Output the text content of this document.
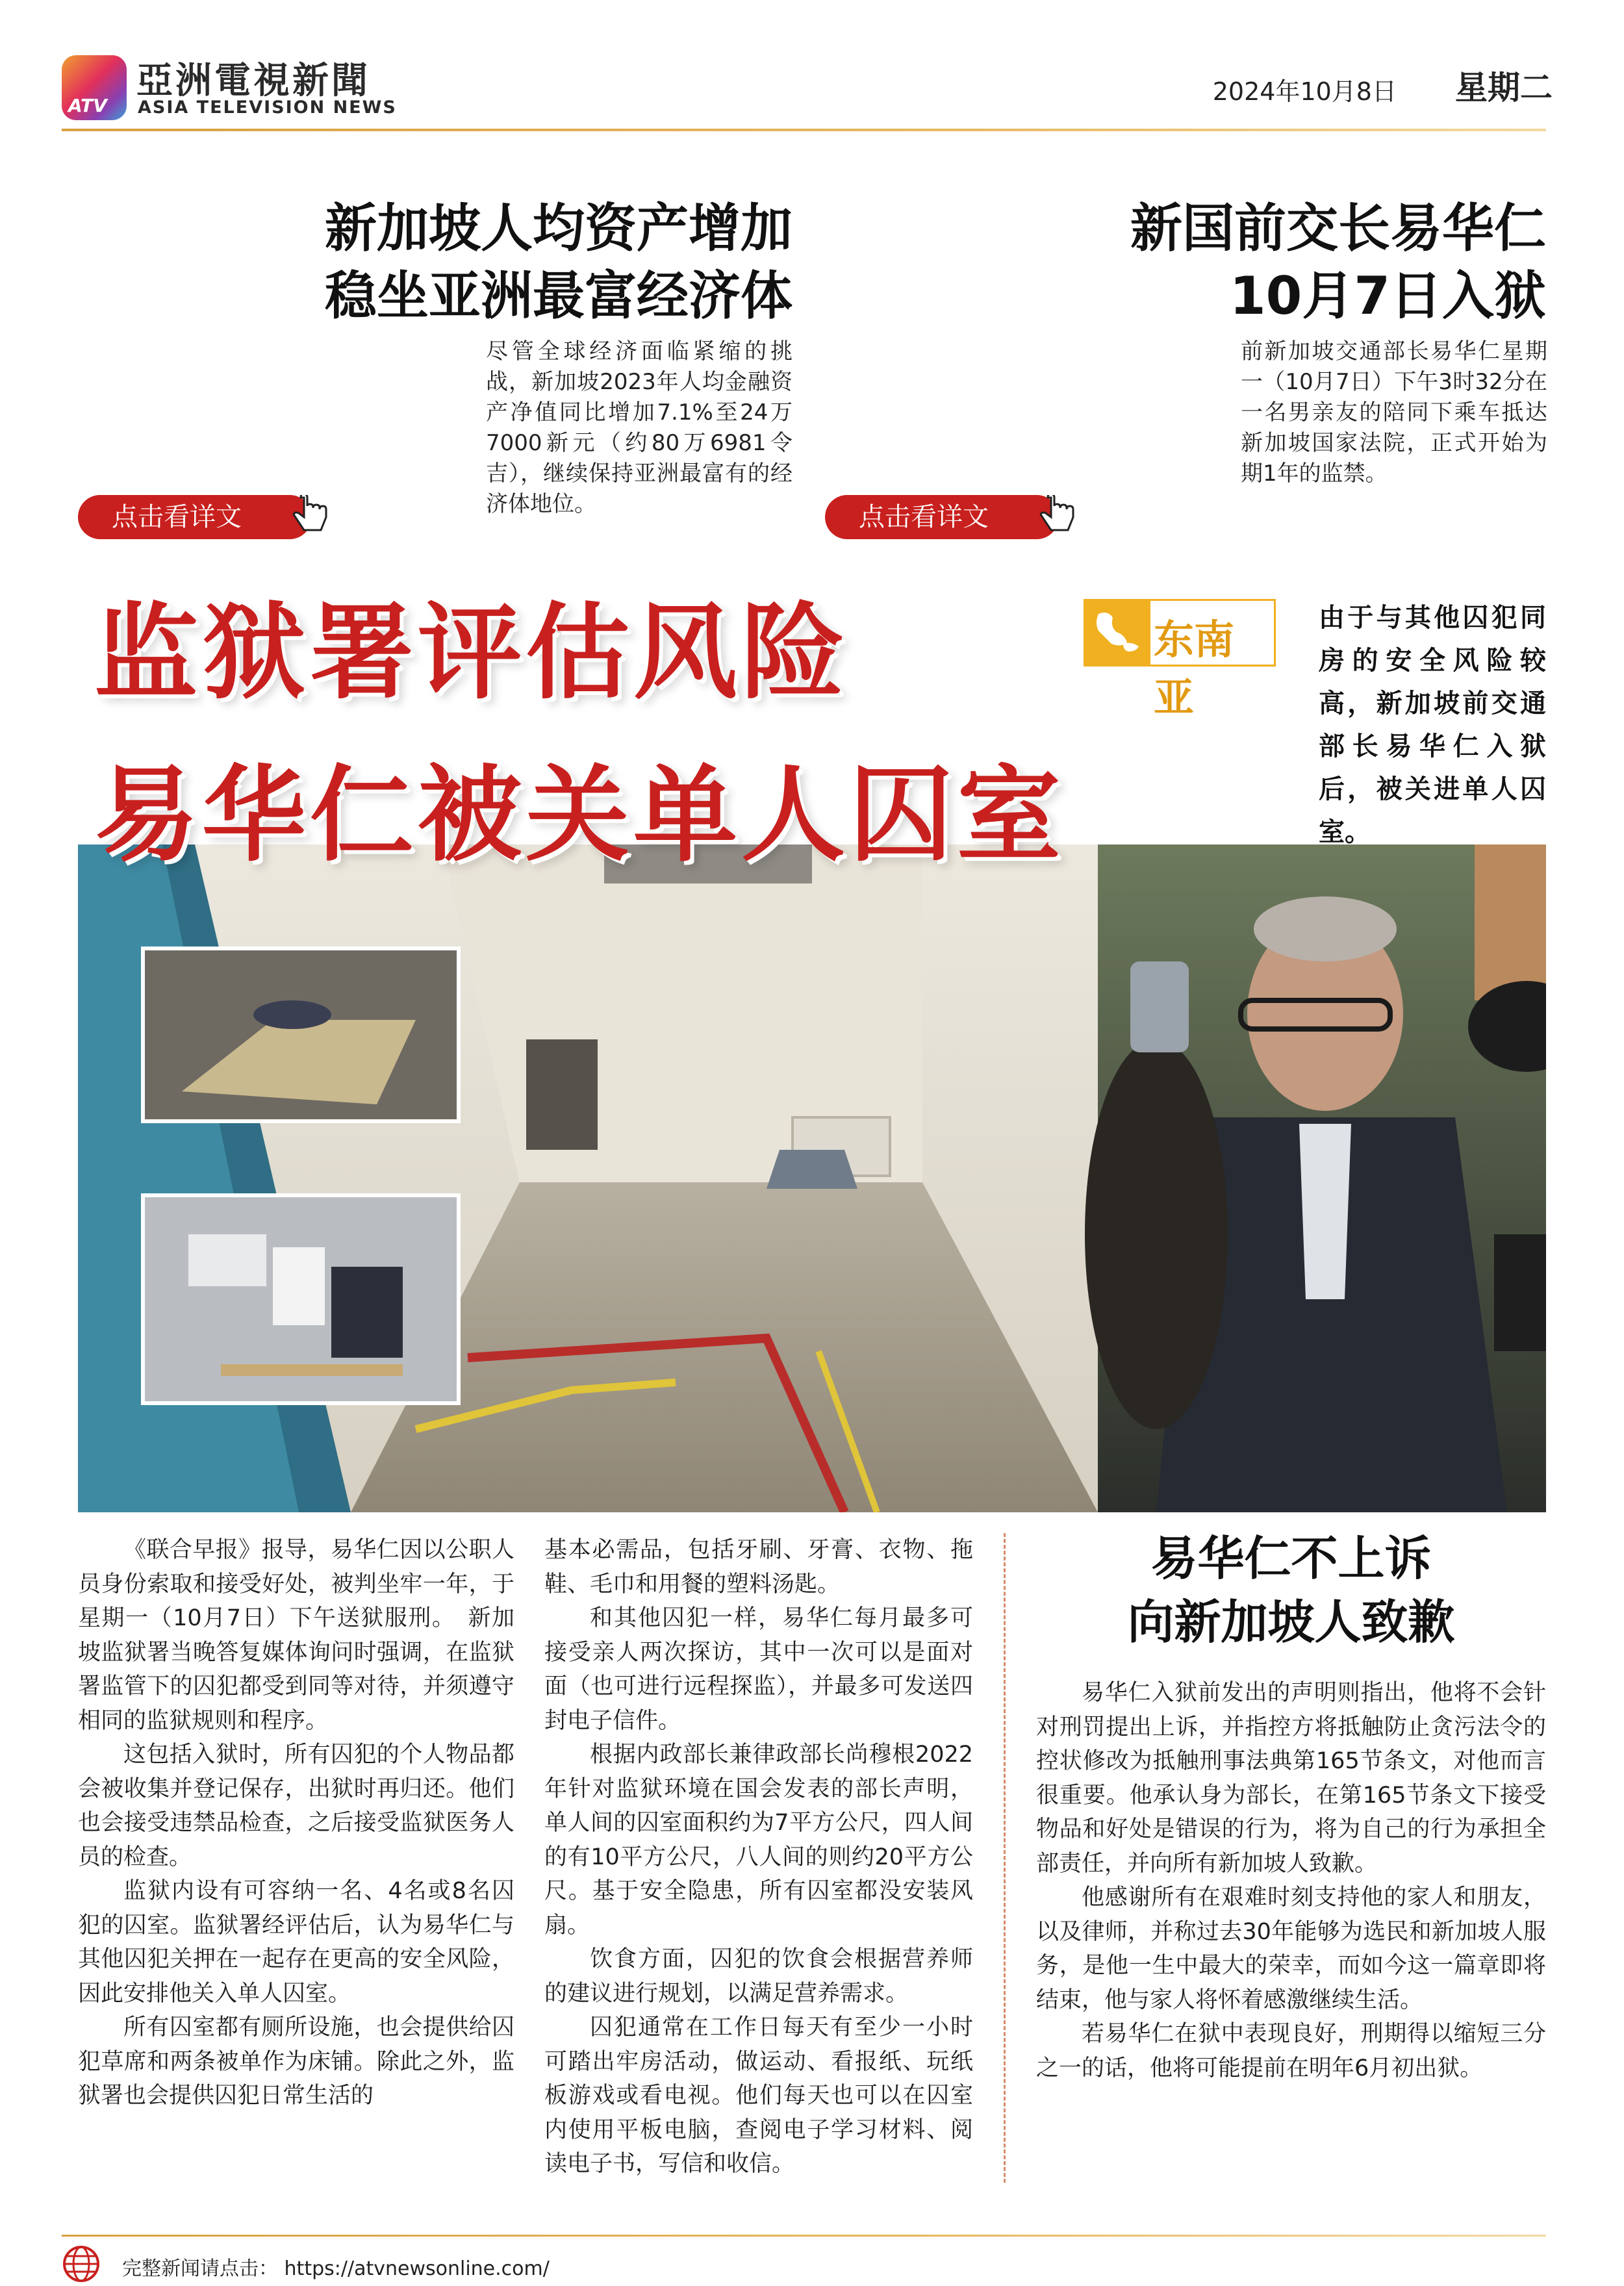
ATV
亞洲電視新聞
ASIA TELEVISION NEWS
2024年10月8日 星期二
新加坡人均资产增加
稳坐亚洲最富经济体
尽管全球经济面临紧缩的挑战，新加坡2023年人均金融资产净值同比增加7.1%至24万7000新元（约80万6981令吉），继续保持亚洲最富有的经济体地位。
点击看详文
新国前交长易华仁
10月7日入狱
前新加坡交通部长易华仁星期一（10月7日）下午3时32分在一名男亲友的陪同下乘车抵达新加坡国家法院，正式开始为期1年的监禁。
点击看详文
监狱署评估风险
易华仁被关单人囚室
东南亚
由于与其他囚犯同房的安全风险较高，新加坡前交通部长易华仁入狱后，被关进单人囚室。

《联合早报》报导，易华仁因以公职人员身份索取和接受好处，被判坐牢一年，于星期一（10月7日）下午送狱服刑。　新加坡监狱署当晚答复媒体询问时强调，在监狱署监管下的囚犯都受到同等对待，并须遵守相同的监狱规则和程序。

这包括入狱时，所有囚犯的个人物品都会被收集并登记保存，出狱时再归还。他们也会接受违禁品检查，之后接受监狱医务人员的检查。

监狱内设有可容纳一名、4名或8名囚犯的囚室。监狱署经评估后，认为易华仁与其他囚犯关押在一起存在更高的安全风险，因此安排他关入单人囚室。

所有囚室都有厕所设施，也会提供给囚犯草席和两条被单作为床铺。除此之外，监狱署也会提供囚犯日常生活的

基本必需品，包括牙刷、牙膏、衣物、拖鞋、毛巾和用餐的塑料汤匙。

和其他囚犯一样，易华仁每月最多可接受亲人两次探访，其中一次可以是面对面（也可进行远程探监），并最多可发送四封电子信件。

根据内政部长兼律政部长尚穆根2022年针对监狱环境在国会发表的部长声明，单人间的囚室面积约为7平方公尺，四人间的有10平方公尺，八人间的则约20平方公尺。基于安全隐患，所有囚室都没安装风扇。

饮食方面，囚犯的饮食会根据营养师的建议进行规划，以满足营养需求。

囚犯通常在工作日每天有至少一小时可踏出牢房活动，做运动、看报纸、玩纸板游戏或看电视。他们每天也可以在囚室内使用平板电脑，查阅电子学习材料、阅读电子书，写信和收信。

易华仁不上诉
向新加坡人致歉

易华仁入狱前发出的声明则指出，他将不会针对刑罚提出上诉，并指控方将抵触防止贪污法令的控状修改为抵触刑事法典第165节条文，对他而言很重要。他承认身为部长，在第165节条文下接受物品和好处是错误的行为，将为自己的行为承担全部责任，并向所有新加坡人致歉。

他感谢所有在艰难时刻支持他的家人和朋友，以及律师，并称过去30年能够为选民和新加坡人服务，是他一生中最大的荣幸，而如今这一篇章即将结束，他与家人将怀着感激继续生活。

若易华仁在狱中表现良好，刑期得以缩短三分之一的话，他将可能提前在明年6月初出狱。

完整新闻请点击： https://atvnewsonline.com/
